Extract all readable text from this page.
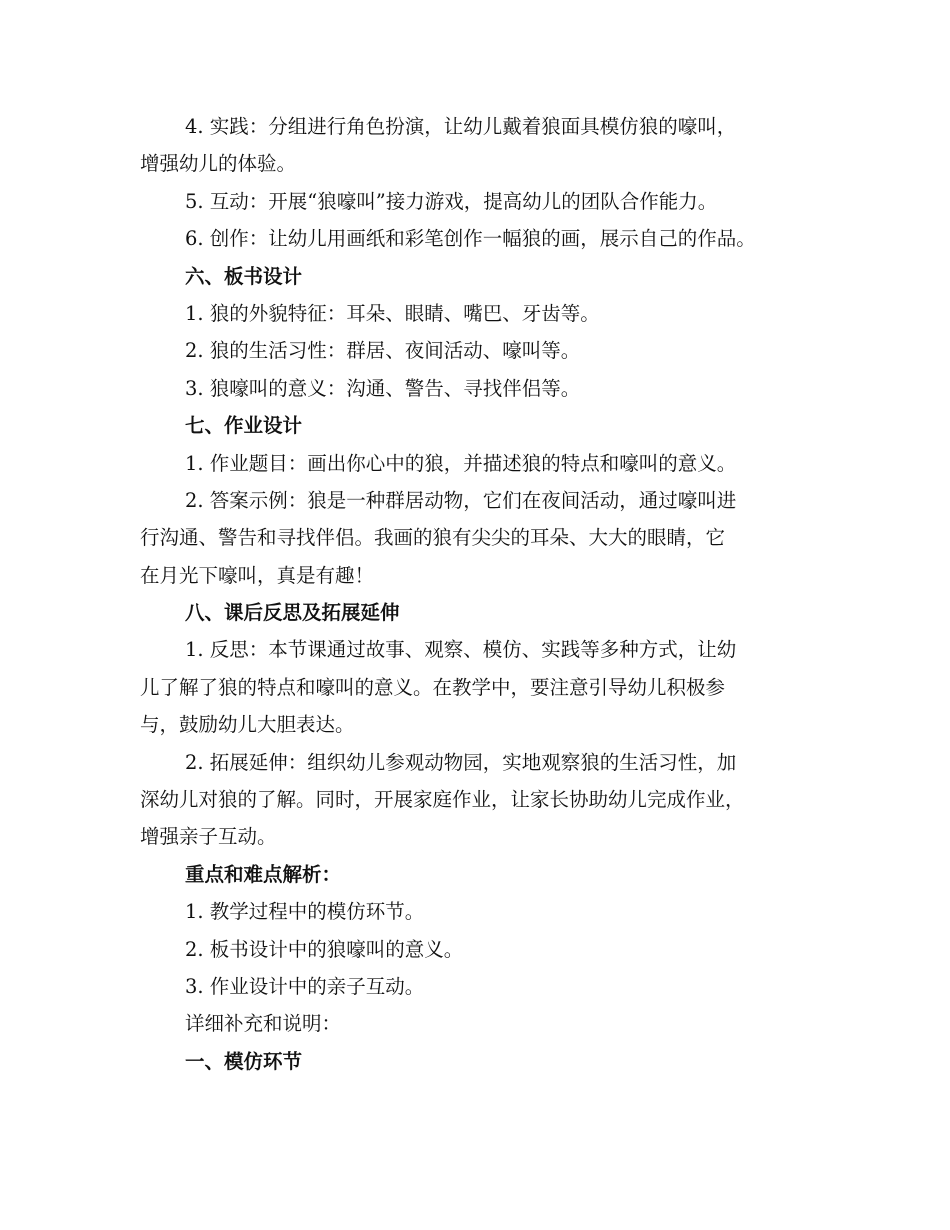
4. 实践：分组进行角色扮演，让幼儿戴着狼面具模仿狼的嚎叫，
增强幼儿的体验。
5. 互动：开展“狼嚎叫”接力游戏，提高幼儿的团队合作能力。
6. 创作：让幼儿用画纸和彩笔创作一幅狼的画，展示自己的作品。
六、板书设计
1. 狼的外貌特征：耳朵、眼睛、嘴巴、牙齿等。
2. 狼的生活习性：群居、夜间活动、嚎叫等。
3. 狼嚎叫的意义：沟通、警告、寻找伴侣等。
七、作业设计
1. 作业题目：画出你心中的狼，并描述狼的特点和嚎叫的意义。
2. 答案示例：狼是一种群居动物，它们在夜间活动，通过嚎叫进
行沟通、警告和寻找伴侣。我画的狼有尖尖的耳朵、大大的眼睛，它
在月光下嚎叫，真是有趣！
八、课后反思及拓展延伸
1. 反思：本节课通过故事、观察、模仿、实践等多种方式，让幼
儿了解了狼的特点和嚎叫的意义。在教学中，要注意引导幼儿积极参
与，鼓励幼儿大胆表达。
2. 拓展延伸：组织幼儿参观动物园，实地观察狼的生活习性，加
深幼儿对狼的了解。同时，开展家庭作业，让家长协助幼儿完成作业，
增强亲子互动。
重点和难点解析：
1. 教学过程中的模仿环节。
2. 板书设计中的狼嚎叫的意义。
3. 作业设计中的亲子互动。
详细补充和说明：
一、模仿环节
